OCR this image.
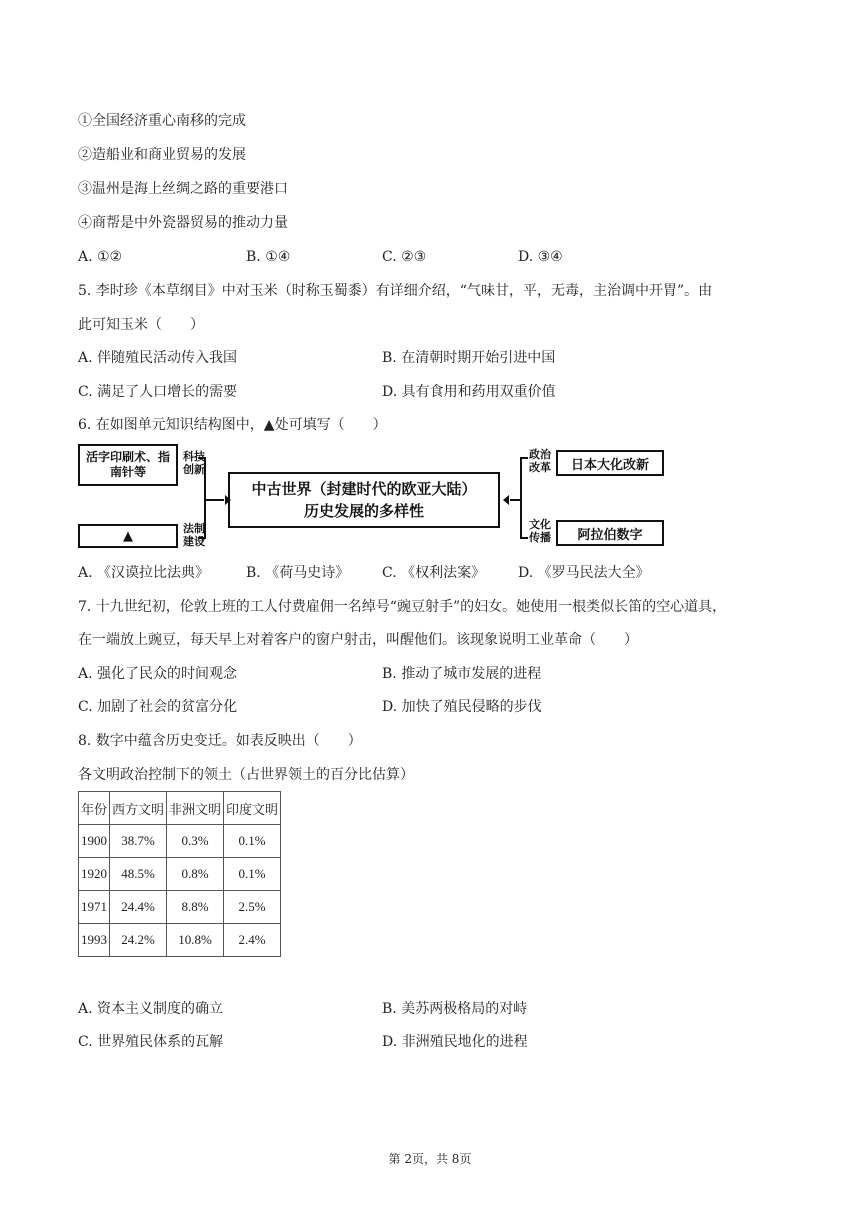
①全国经济重心南移的完成
②造船业和商业贸易的发展
③温州是海上丝绸之路的重要港口
④商帮是中外瓷器贸易的推动力量
A. ①②	B. ①④	C. ②③	D. ③④
5. 李时珍《本草纲目》中对玉米（时称玉蜀黍）有详细介绍，“气味甘，平，无毒，主治调中开胃”。由
此可知玉米（　　）
A. 伴随殖民活动传入我国	B. 在清朝时期开始引进中国
C. 满足了人口增长的需要	D. 具有食用和药用双重价值
6. 在如图单元知识结构图中，▲处可填写（　　）
活字印刷术、指南针等
科技创新
▲	法制建设
中古世界（封建时代的欧亚大陆）
历史发展的多样性
政治改革	日本大化改新
文化传播	阿拉伯数字
A. 《汉谟拉比法典》	B. 《荷马史诗》 C. 《权利法案》 D. 《罗马民法大全》
7. 十九世纪初，伦敦上班的工人付费雇佣一名绰号“豌豆射手”的妇女。她使用一根类似长笛的空心道具，
在一端放上豌豆，每天早上对着客户的窗户射击，叫醒他们。该现象说明工业革命（　　）
A. 强化了民众的时间观念	B. 推动了城市发展的进程
C. 加剧了社会的贫富分化	D. 加快了殖民侵略的步伐
8. 数字中蕴含历史变迁。如表反映出（　　）
各文明政治控制下的领土（占世界领土的百分比估算）
年份	西方文明	非洲文明	印度文明
1900	38.7%	0.3%	0.1%
1920	48.5%	0.8%	0.1%
1971	24.4%	8.8%	2.5%
1993	24.2%	10.8%	2.4%
A. 资本主义制度的确立	B. 美苏两极格局的对峙
C. 世界殖民体系的瓦解	D. 非洲殖民地化的进程
第 2页，共 8页
